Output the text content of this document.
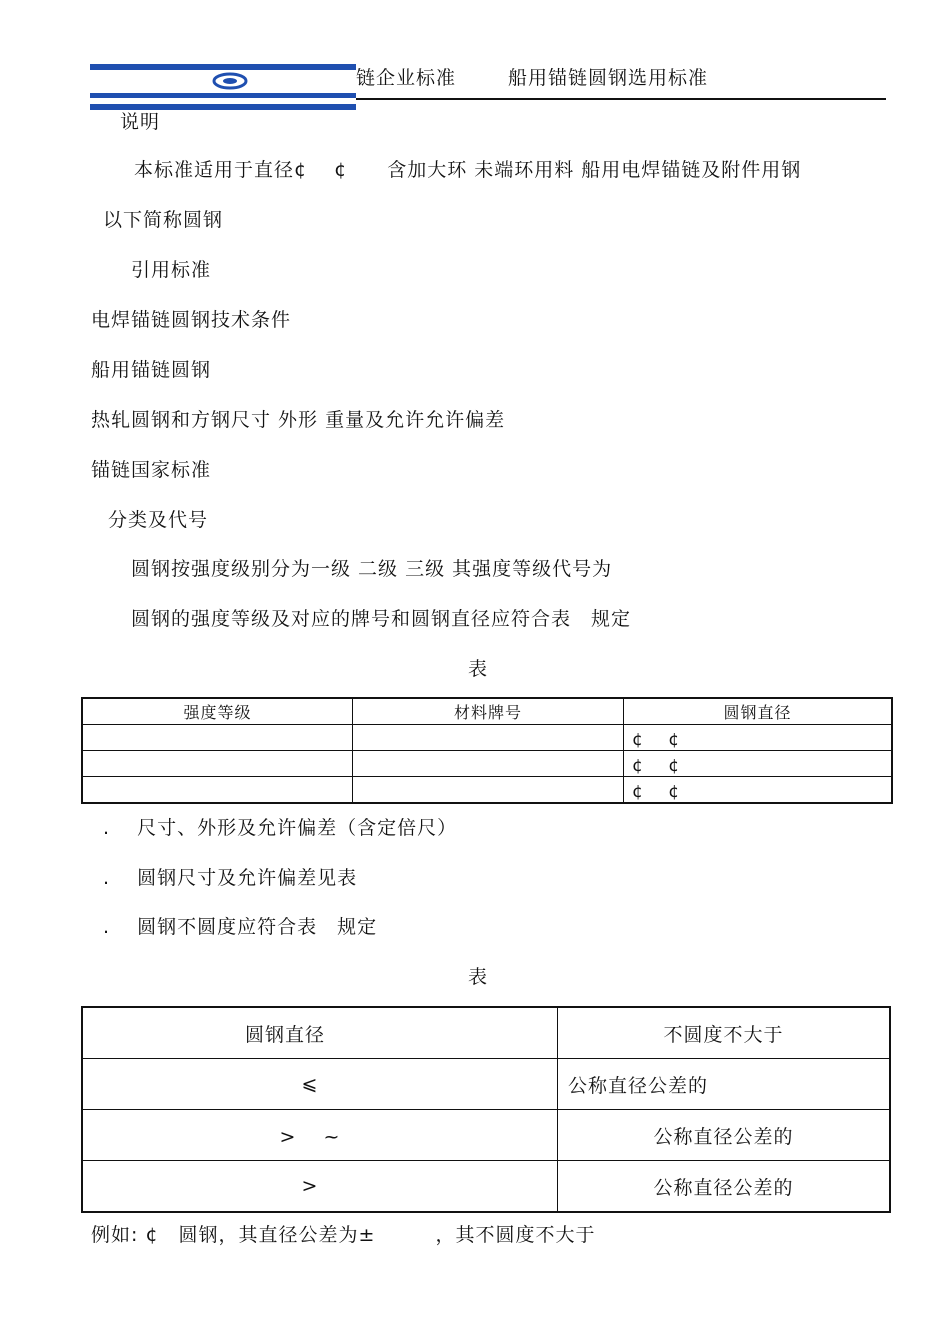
链企业标准	船用锚链圆钢选用标准
说明
本标准适用于直径¢　 ¢　　含加大环 未端环用料 船用电焊锚链及附件用钢
以下简称圆钢
引用标准
电焊锚链圆钢技术条件
船用锚链圆钢
热轧圆钢和方钢尺寸 外形 重量及允许允许偏差
锚链国家标准
分类及代号
圆钢按强度级别分为一级 二级 三级 其强度等级代号为
圆钢的强度等级及对应的牌号和圆钢直径应符合表　规定
表
强度等级	材料牌号	圆钢直径
		¢　 ¢
		¢　 ¢
		¢　 ¢
.　 尺寸、外形及允许偏差（含定倍尺）
.　 圆钢尺寸及允许偏差见表
.　 圆钢不圆度应符合表　规定
表
圆钢直径	不圆度不大于
⩽	公称直径公差的
>　 ~	公称直径公差的
>	公称直径公差的
例如: ¢　圆钢，其直径公差为±　　　，其不圆度不大于
